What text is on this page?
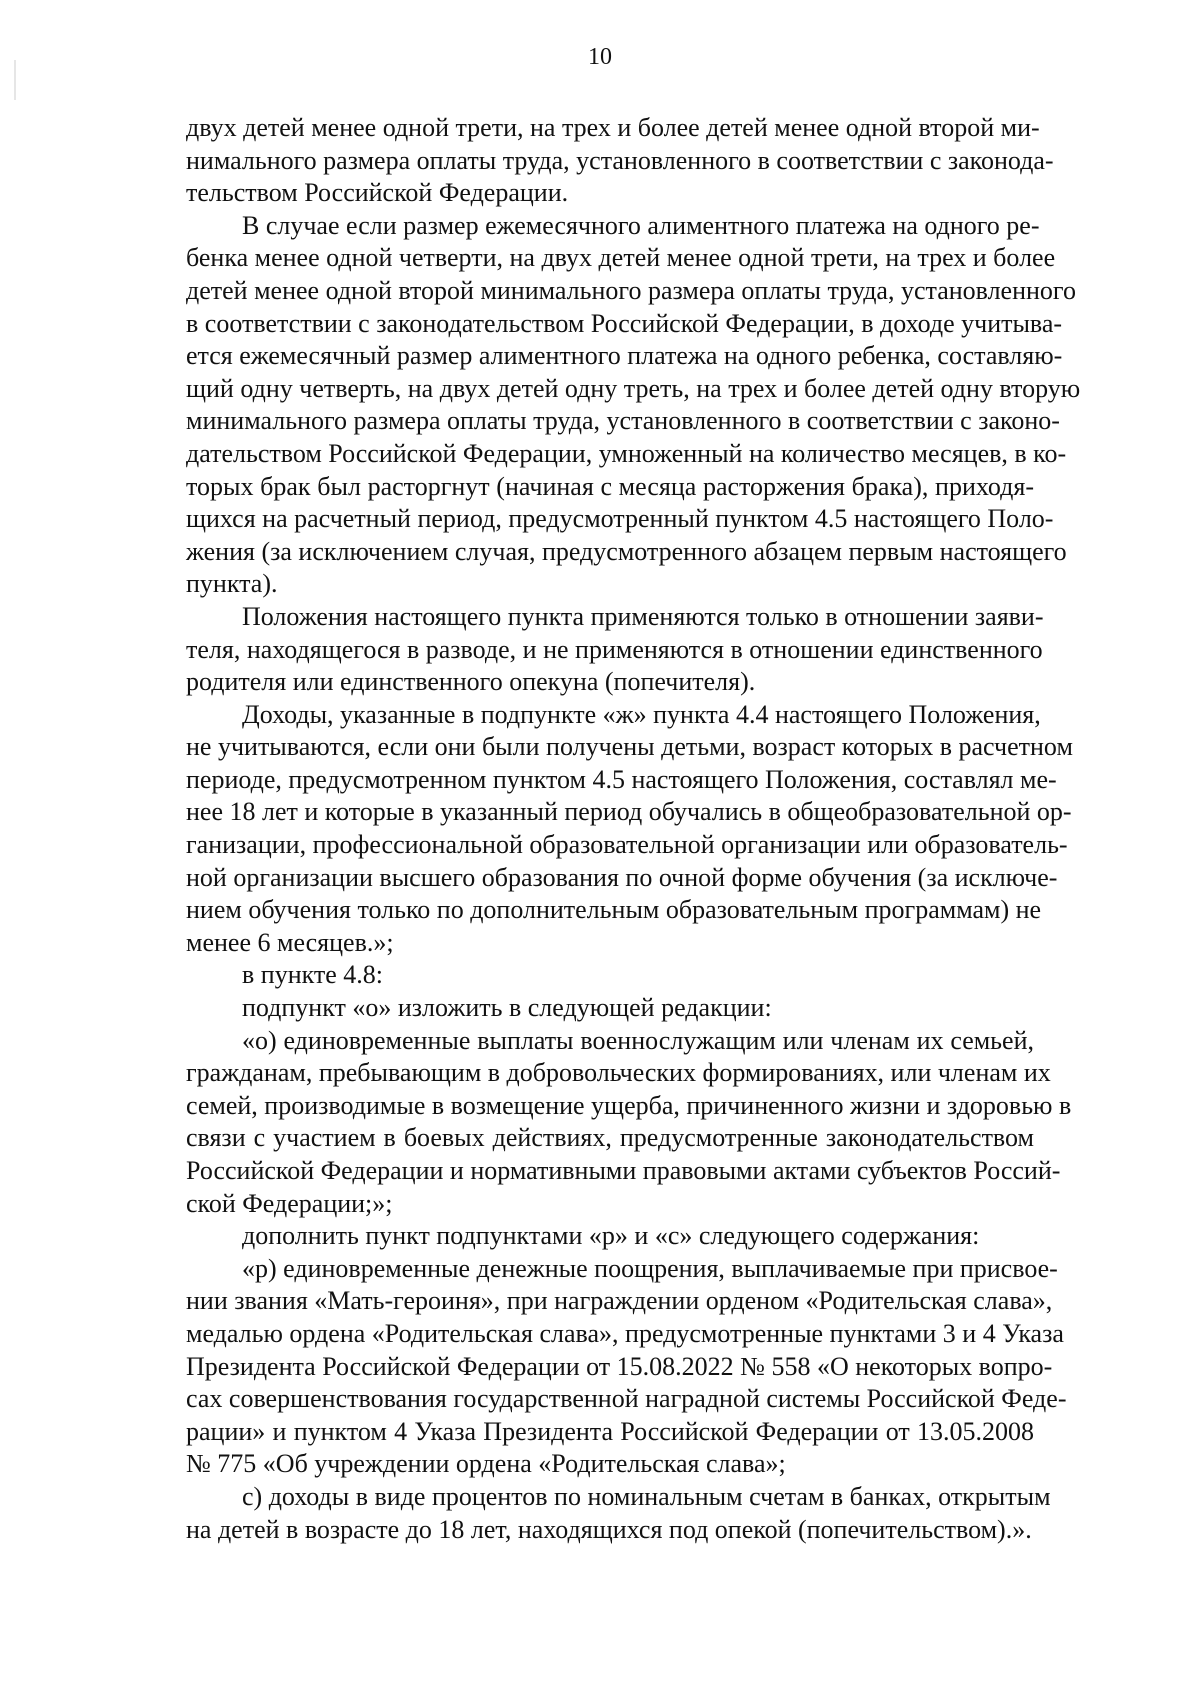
10
двух детей менее одной трети, на трех и более детей менее одной второй ми-
нимального размера оплаты труда, установленного в соответствии с законода-
тельством Российской Федерации.
В случае если размер ежемесячного алиментного платежа на одного ре-
бенка менее одной четверти, на двух детей менее одной трети, на трех и более
детей менее одной второй минимального размера оплаты труда, установленного
в соответствии с законодательством Российской Федерации, в доходе учитыва-
ется ежемесячный размер алиментного платежа на одного ребенка, составляю-
щий одну четверть, на двух детей одну треть, на трех и более детей одну вторую
минимального размера оплаты труда, установленного в соответствии с законо-
дательством Российской Федерации, умноженный на количество месяцев, в ко-
торых брак был расторгнут (начиная с месяца расторжения брака), приходя-
щихся на расчетный период, предусмотренный пунктом 4.5 настоящего Поло-
жения (за исключением случая, предусмотренного абзацем первым настоящего
пункта).
Положения настоящего пункта применяются только в отношении заяви-
теля, находящегося в разводе, и не применяются в отношении единственного
родителя или единственного опекуна (попечителя).
Доходы, указанные в подпункте «ж» пункта 4.4 настоящего Положения,
не учитываются, если они были получены детьми, возраст которых в расчетном
периоде, предусмотренном пунктом 4.5 настоящего Положения, составлял ме-
нее 18 лет и которые в указанный период обучались в общеобразовательной ор-
ганизации, профессиональной образовательной организации или образователь-
ной организации высшего образования по очной форме обучения (за исключе-
нием обучения только по дополнительным образовательным программам) не
менее 6 месяцев.»;
в пункте 4.8:
подпункт «о» изложить в следующей редакции:
«о) единовременные выплаты военнослужащим или членам их семьей,
гражданам, пребывающим в добровольческих формированиях, или членам их
семей, производимые в возмещение ущерба, причиненного жизни и здоровью в
связи с участием в боевых действиях, предусмотренные законодательством
Российской Федерации и нормативными правовыми актами субъектов Россий-
ской Федерации;»;
дополнить пункт подпунктами «р» и «с» следующего содержания:
«р) единовременные денежные поощрения, выплачиваемые при присвое-
нии звания «Мать-героиня», при награждении орденом «Родительская слава»,
медалью ордена «Родительская слава», предусмотренные пунктами 3 и 4 Указа
Президента Российской Федерации от 15.08.2022 № 558 «О некоторых вопро-
сах совершенствования государственной наградной системы Российской Феде-
рации» и пунктом 4 Указа Президента Российской Федерации от 13.05.2008
№ 775 «Об учреждении ордена «Родительская слава»;
с) доходы в виде процентов по номинальным счетам в банках, открытым
на детей в возрасте до 18 лет, находящихся под опекой (попечительством).».
